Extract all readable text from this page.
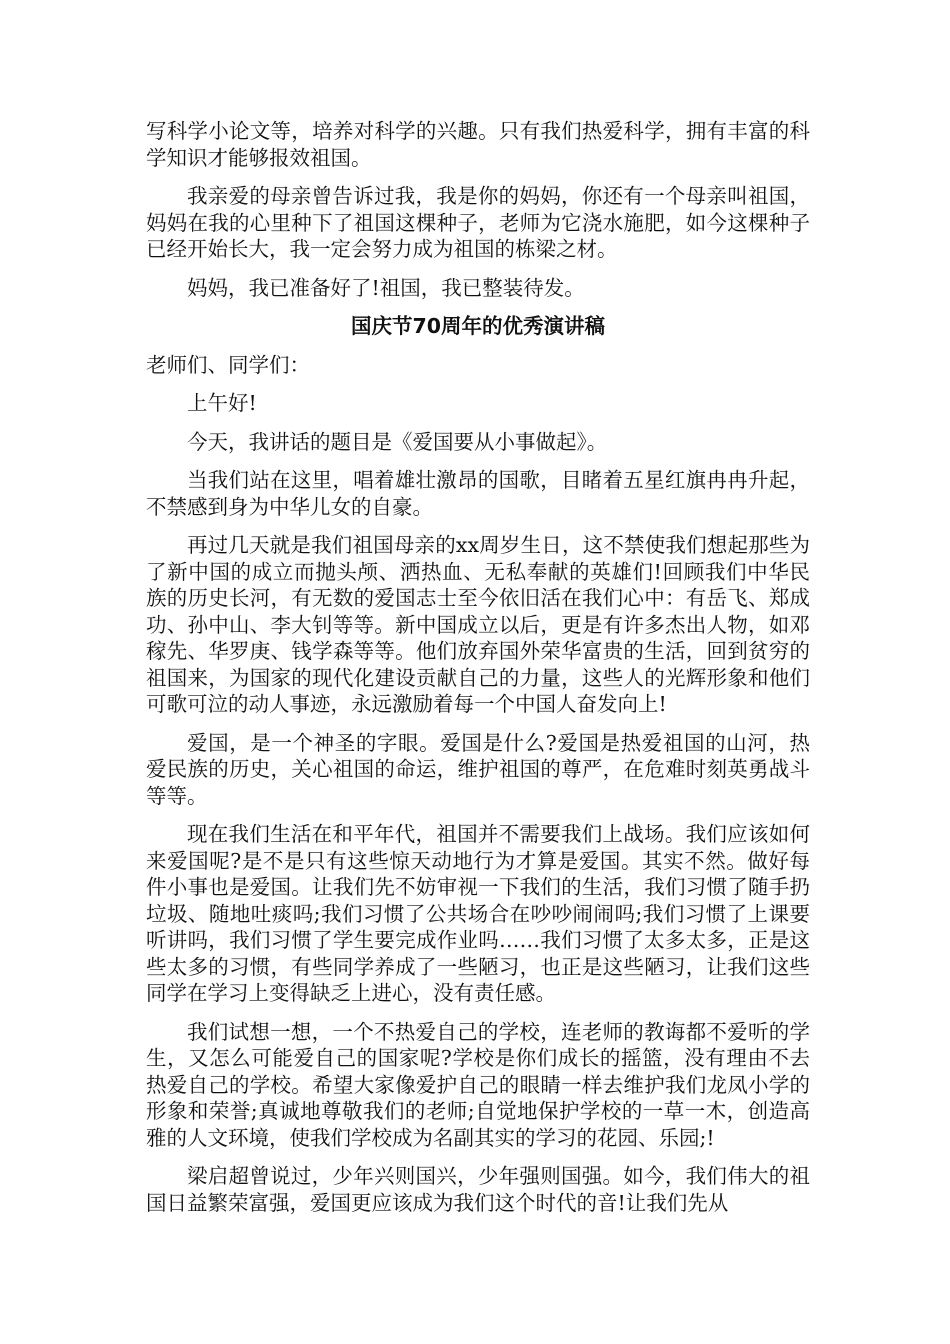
写科学小论文等，培养对科学的兴趣。只有我们热爱科学，拥有丰富的科学知识才能够报效祖国。

我亲爱的母亲曾告诉过我，我是你的妈妈，你还有一个母亲叫祖国，妈妈在我的心里种下了祖国这棵种子，老师为它浇水施肥，如今这棵种子已经开始长大，我一定会努力成为祖国的栋梁之材。

妈妈，我已准备好了!祖国，我已整装待发。

国庆节70周年的优秀演讲稿

老师们、同学们：

上午好!

今天，我讲话的题目是《爱国要从小事做起》。

当我们站在这里，唱着雄壮激昂的国歌，目睹着五星红旗冉冉升起，不禁感到身为中华儿女的自豪。

再过几天就是我们祖国母亲的xx周岁生日，这不禁使我们想起那些为了新中国的成立而抛头颅、洒热血、无私奉献的英雄们!回顾我们中华民族的历史长河，有无数的爱国志士至今依旧活在我们心中：有岳飞、郑成功、孙中山、李大钊等等。新中国成立以后，更是有许多杰出人物，如邓稼先、华罗庚、钱学森等等。他们放弃国外荣华富贵的生活，回到贫穷的祖国来，为国家的现代化建设贡献自己的力量，这些人的光辉形象和他们可歌可泣的动人事迹，永远激励着每一个中国人奋发向上!

爱国，是一个神圣的字眼。爱国是什么?爱国是热爱祖国的山河，热爱民族的历史，关心祖国的命运，维护祖国的尊严，在危难时刻英勇战斗等等。

现在我们生活在和平年代，祖国并不需要我们上战场。我们应该如何来爱国呢?是不是只有这些惊天动地行为才算是爱国。其实不然。做好每件小事也是爱国。让我们先不妨审视一下我们的生活，我们习惯了随手扔垃圾、随地吐痰吗;我们习惯了公共场合在吵吵闹闹吗;我们习惯了上课要听讲吗，我们习惯了学生要完成作业吗……我们习惯了太多太多，正是这些太多的习惯，有些同学养成了一些陋习，也正是这些陋习，让我们这些同学在学习上变得缺乏上进心，没有责任感。

我们试想一想，一个不热爱自己的学校，连老师的教诲都不爱听的学生，又怎么可能爱自己的国家呢?学校是你们成长的摇篮，没有理由不去热爱自己的学校。希望大家像爱护自己的眼睛一样去维护我们龙凤小学的形象和荣誉;真诚地尊敬我们的老师;自觉地保护学校的一草一木，创造高雅的人文环境，使我们学校成为名副其实的学习的花园、乐园;!

梁启超曾说过，少年兴则国兴，少年强则国强。如今，我们伟大的祖国日益繁荣富强，爱国更应该成为我们这个时代的音!让我们先从
